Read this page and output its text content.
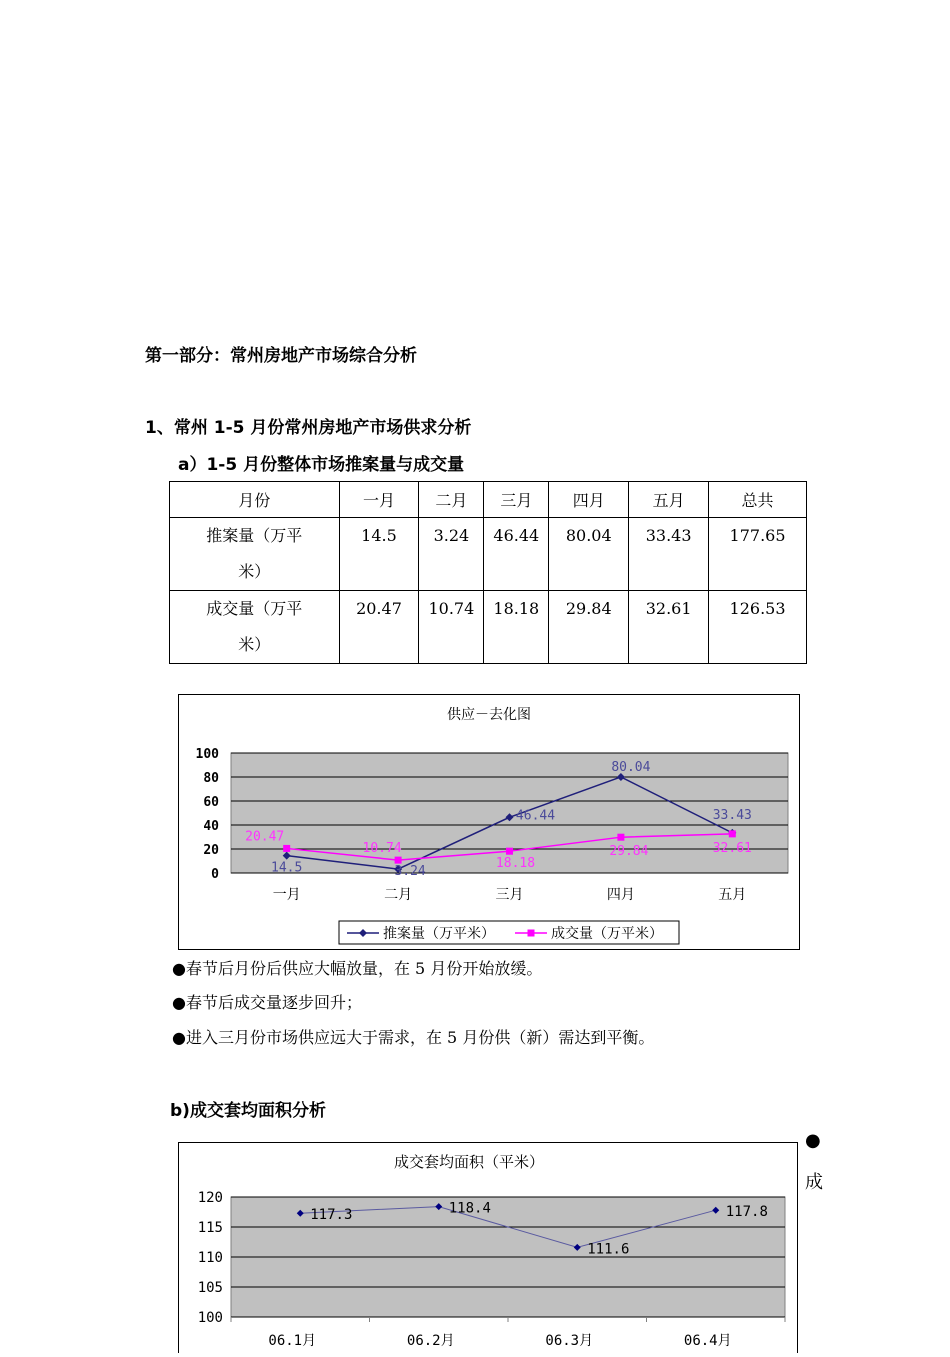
第一部分：常州房地产市场综合分析
1、常州 1-5 月份常州房地产市场供求分析
a）1-5 月份整体市场推案量与成交量
月份	一月	二月	三月	四月	五月	总共
推案量（万平
米）	14.5	3.24	46.44	80.04	33.43	177.65
成交量（万平
米）	20.47	10.74	18.18	29.84	32.61	126.53
供应－去化图
100
80
60
40
20
0
一月	二月	三月	四月	五月
14.5	3.24
46.44
80.04
33.43
20.47
10.74
18.18
29.84	32.61
推案量（万平米）	成交量（万平米）
●春节后月份后供应大幅放量，在 5 月份开始放缓。
●春节后成交量逐步回升；
●进入三月份市场供应远大于需求，在 5 月份供（新）需达到平衡。
b)成交套均面积分析
成交套均面积（平米）
120
115
110
105
100
06.1月	06.2月	06.3月	06.4月
117.3	118.4
111.6
117.8
●
成
